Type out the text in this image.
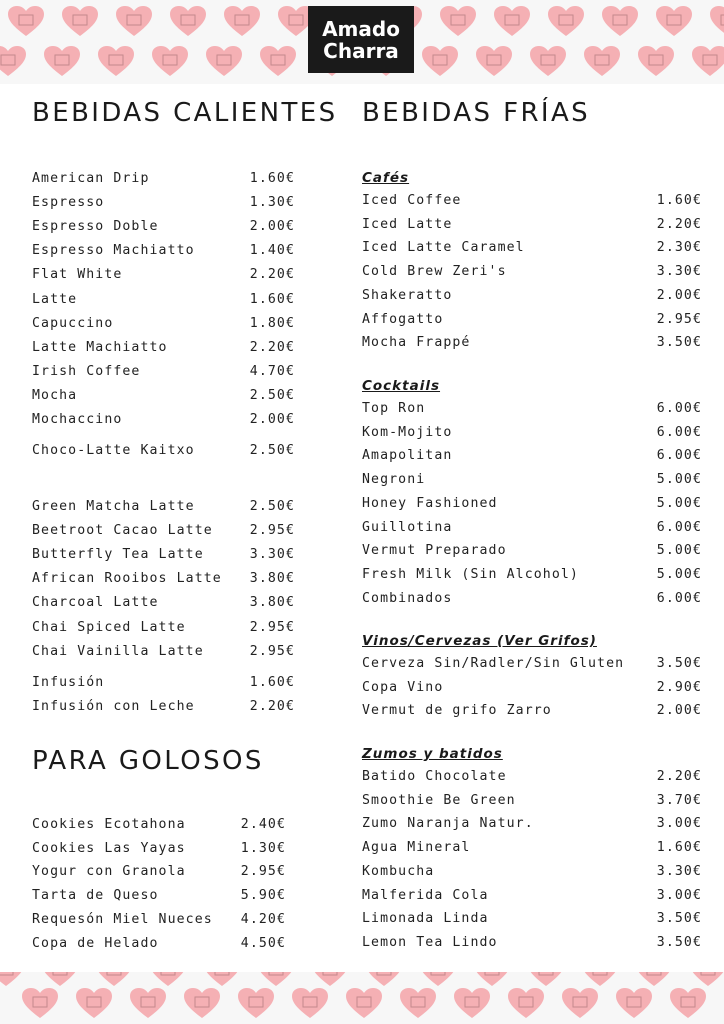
Amado
Charra
BEBIDAS CALIENTES BEBIDAS FRÍAS
PARA GOLOSOS
American Drip	1.60€
Espresso	1.30€
Espresso Doble	2.00€
Espresso Machiatto	1.40€
Flat White	2.20€
Latte	1.60€
Capuccino	1.80€
Latte Machiatto	2.20€
Irish Coffee	4.70€
Mocha	2.50€
Mochaccino	2.00€
Choco-Latte Kaitxo	2.50€
Green Matcha Latte	2.50€
Beetroot Cacao Latte	2.95€
Butterfly Tea Latte	3.30€
African Rooibos Latte 3.80€
Charcoal Latte	3.80€
Chai Spiced Latte	2.95€
Chai Vainilla Latte	2.95€
Infusión	1.60€
Infusión con Leche	2.20€
Cookies Ecotahona	2.40€
Cookies Las Yayas	1.30€
Yogur con Granola	2.95€
Tarta de Queso	5.90€
Requesón Miel Nueces 4.20€
Copa de Helado	4.50€
Cafés
Iced Coffee	1.60€
Iced Latte	2.20€
Iced Latte Caramel	2.30€
Cold Brew Zeri's	3.30€
Shakeratto	2.00€
Affogatto	2.95€
Mocha Frappé	3.50€
Cocktails
Top Ron	6.00€
Kom-Mojito	6.00€
Amapolitan	6.00€
Negroni	5.00€
Honey Fashioned	5.00€
Guillotina	6.00€
Vermut Preparado	5.00€
Fresh Milk (Sin Alcohol)	5.00€
Combinados	6.00€
Vinos/Cervezas (Ver Grifos)
Cerveza Sin/Radler/Sin Gluten 3.50€
Copa Vino	2.90€
Vermut de grifo Zarro	2.00€
Zumos y batidos
Batido Chocolate	2.20€
Smoothie Be Green	3.70€
Zumo Naranja Natur.	3.00€
Agua Mineral	1.60€
Kombucha	3.30€
Malferida Cola	3.00€
Limonada Linda	3.50€
Lemon Tea Lindo	3.50€
